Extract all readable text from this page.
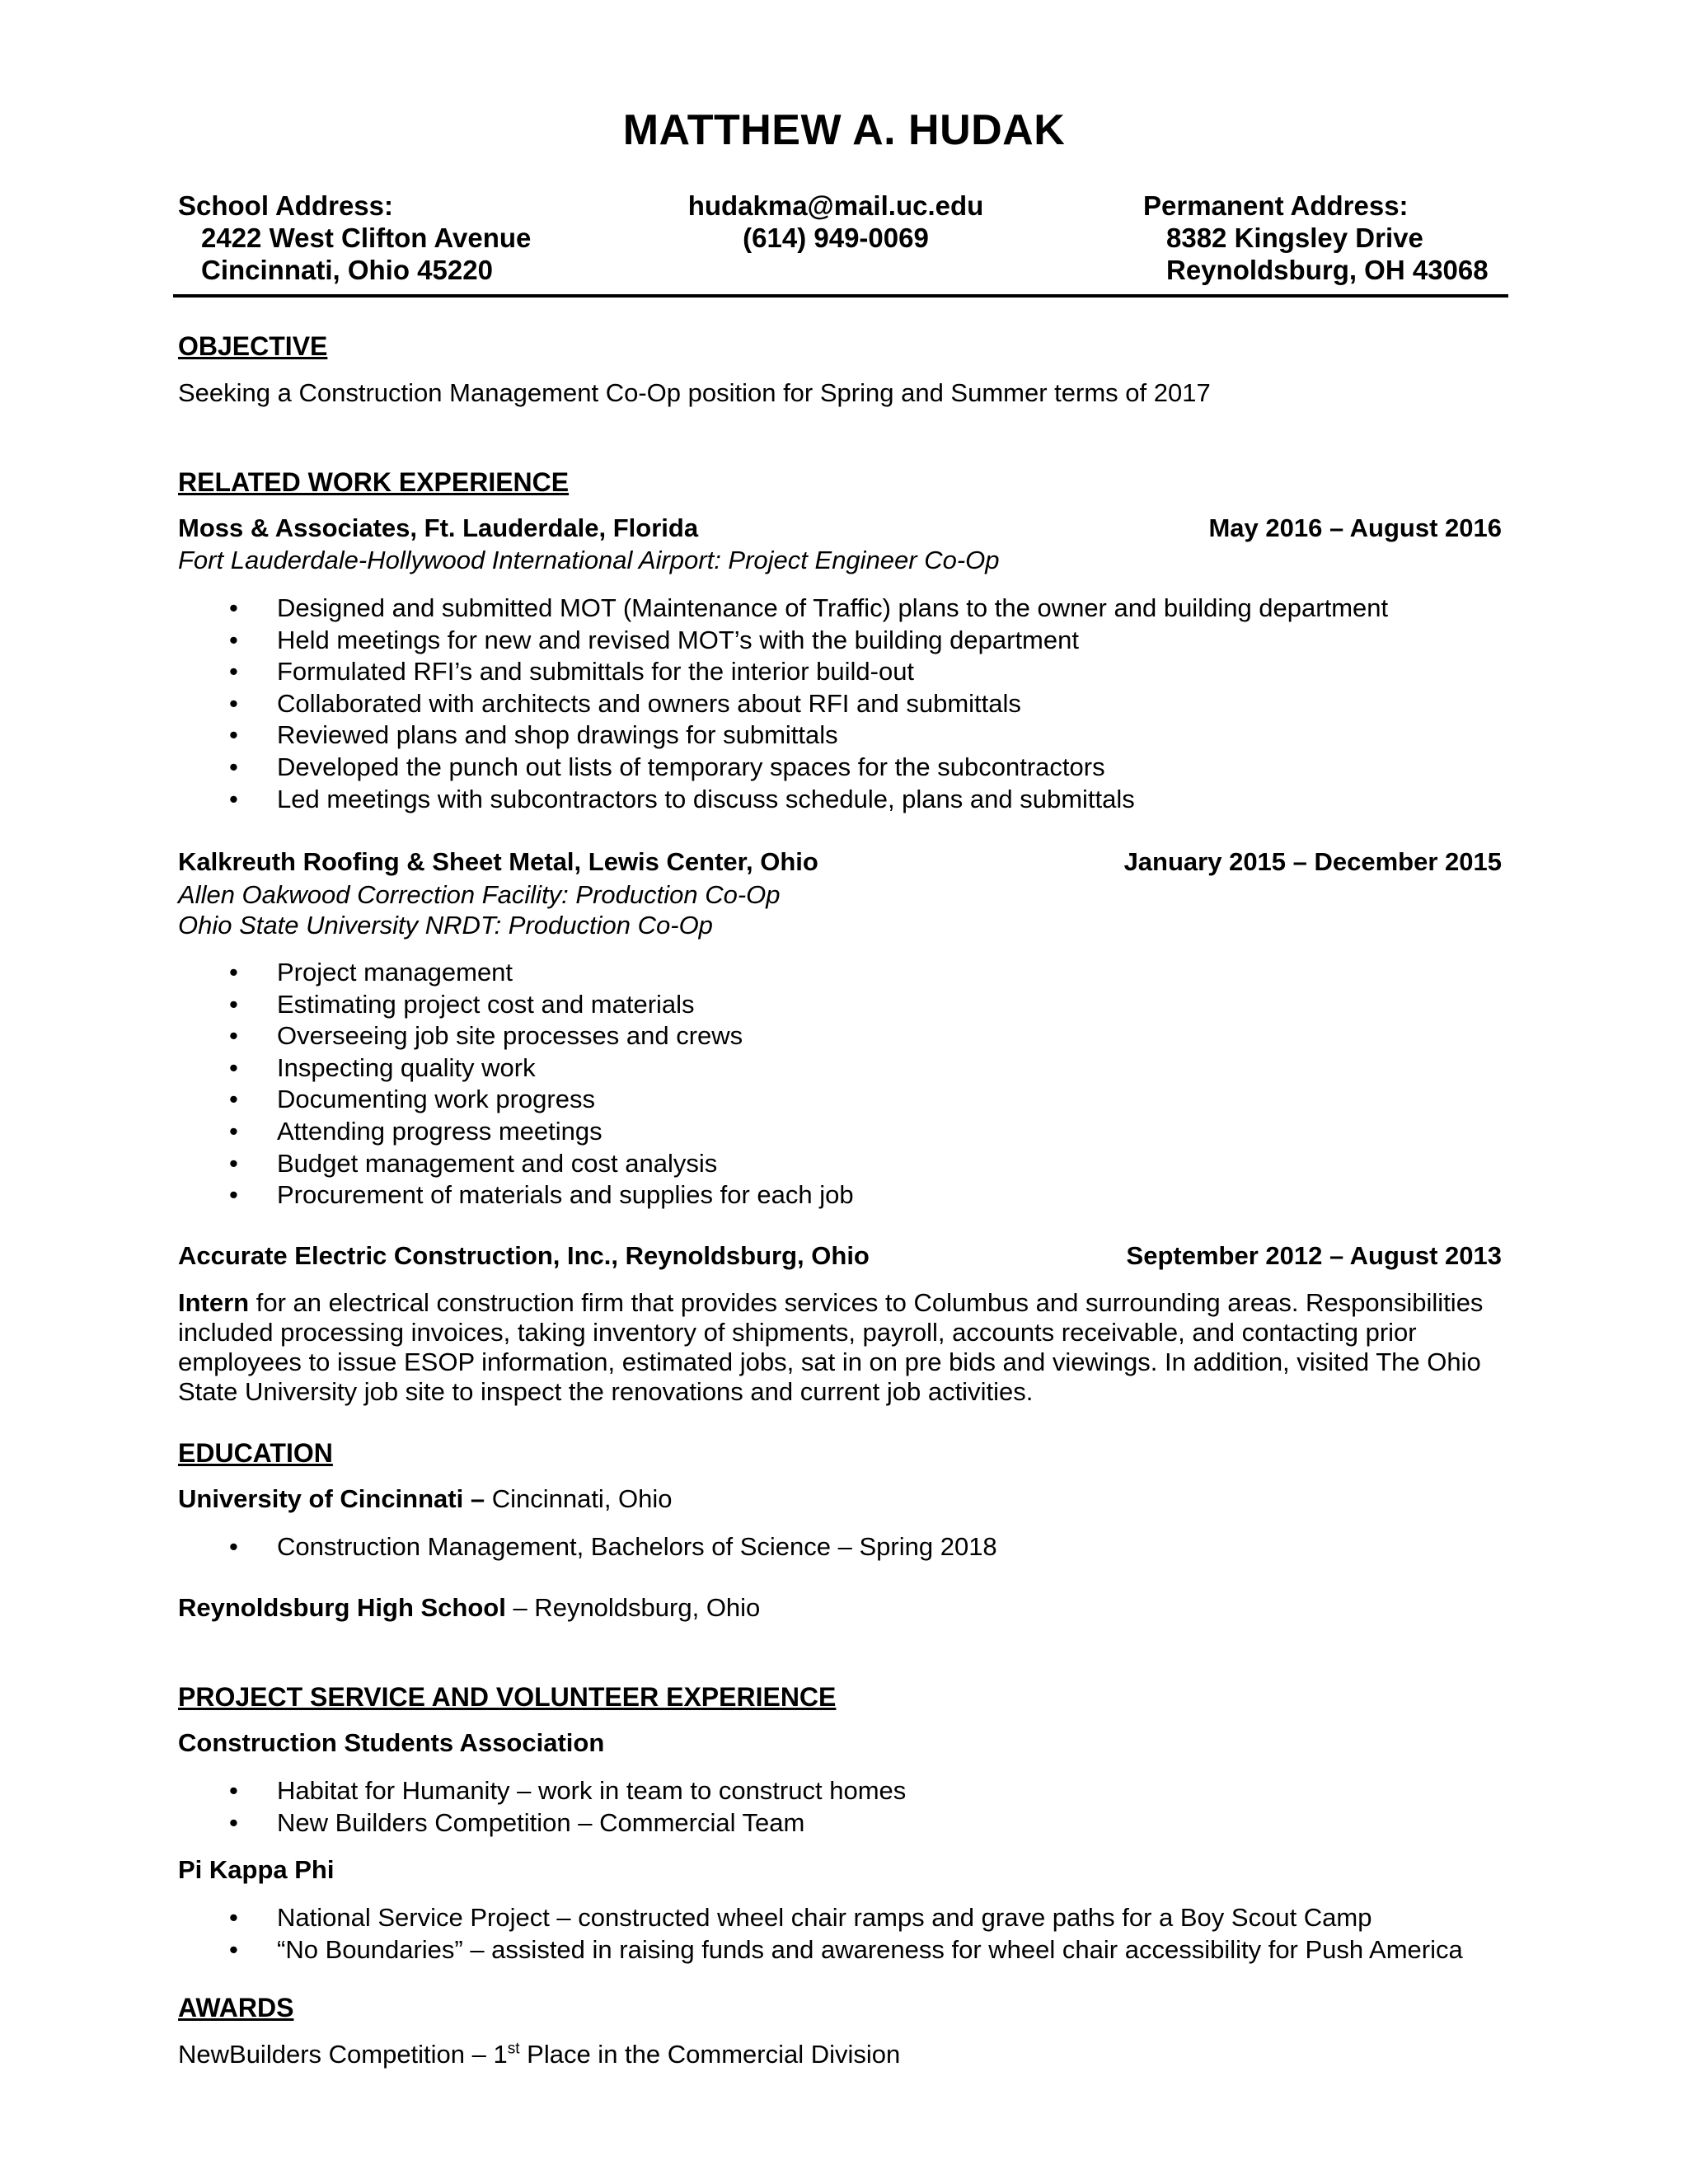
MATTHEW A. HUDAK
School Address:
2422 West Clifton Avenue
Cincinnati, Ohio 45220
hudakma@mail.uc.edu
(614) 949-0069
Permanent Address:
8382 Kingsley Drive
Reynoldsburg, OH 43068
OBJECTIVE
Seeking a Construction Management Co-Op position for Spring and Summer terms of 2017
RELATED WORK EXPERIENCE
Moss & Associates, Ft. Lauderdale, Florida	May 2016 – August 2016
Fort Lauderdale-Hollywood International Airport: Project Engineer Co-Op
• Designed and submitted MOT (Maintenance of Traffic) plans to the owner and building department
• Held meetings for new and revised MOT’s with the building department
• Formulated RFI’s and submittals for the interior build-out
• Collaborated with architects and owners about RFI and submittals
• Reviewed plans and shop drawings for submittals
• Developed the punch out lists of temporary spaces for the subcontractors
• Led meetings with subcontractors to discuss schedule, plans and submittals
Kalkreuth Roofing & Sheet Metal, Lewis Center, Ohio	January 2015 – December 2015
Allen Oakwood Correction Facility: Production Co-Op
Ohio State University NRDT: Production Co-Op
• Project management
• Estimating project cost and materials
• Overseeing job site processes and crews
• Inspecting quality work
• Documenting work progress
• Attending progress meetings
• Budget management and cost analysis
• Procurement of materials and supplies for each job
Accurate Electric Construction, Inc., Reynoldsburg, Ohio	September 2012 – August 2013
Intern for an electrical construction firm that provides services to Columbus and surrounding areas. Responsibilities included processing invoices, taking inventory of shipments, payroll, accounts receivable, and contacting prior employees to issue ESOP information, estimated jobs, sat in on pre bids and viewings. In addition, visited The Ohio State University job site to inspect the renovations and current job activities.
EDUCATION
University of Cincinnati – Cincinnati, Ohio
• Construction Management, Bachelors of Science – Spring 2018
Reynoldsburg High School – Reynoldsburg, Ohio
PROJECT SERVICE AND VOLUNTEER EXPERIENCE
Construction Students Association
• Habitat for Humanity – work in team to construct homes
• New Builders Competition – Commercial Team
Pi Kappa Phi
• National Service Project – constructed wheel chair ramps and grave paths for a Boy Scout Camp
• “No Boundaries” – assisted in raising funds and awareness for wheel chair accessibility for Push America
AWARDS
NewBuilders Competition – 1st Place in the Commercial Division
